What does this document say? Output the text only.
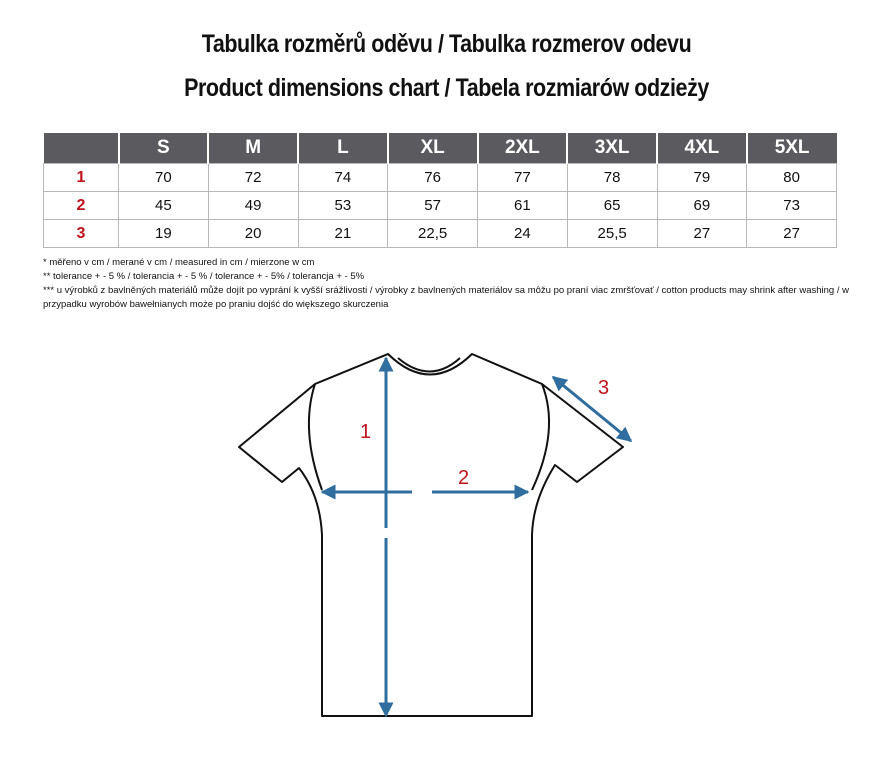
Tabulka rozměrů oděvu / Tabulka rozmerov odevu
Product dimensions chart / Tabela rozmiarów odzieży
	S	M	L	XL	2XL	3XL	4XL	5XL
1	70	72	74	76	77	78	79	80
2	45	49	53	57	61	65	69	73
3	19	20	21	22,5	24	25,5	27	27
* měřeno v cm / merané v cm / measured in cm / mierzone w cm
** tolerance + - 5 % / tolerancia + - 5 % / tolerance + - 5% / tolerancja + - 5%
*** u výrobků z bavlněných materiálů může dojít po vyprání k vyšší srážlivosti / výrobky z bavlnených materiálov sa môžu po praní viac zmršťovať / cotton products may shrink after washing / w przypadku wyrobów bawełnianych może po praniu dojść do większego skurczenia
1
2
3
